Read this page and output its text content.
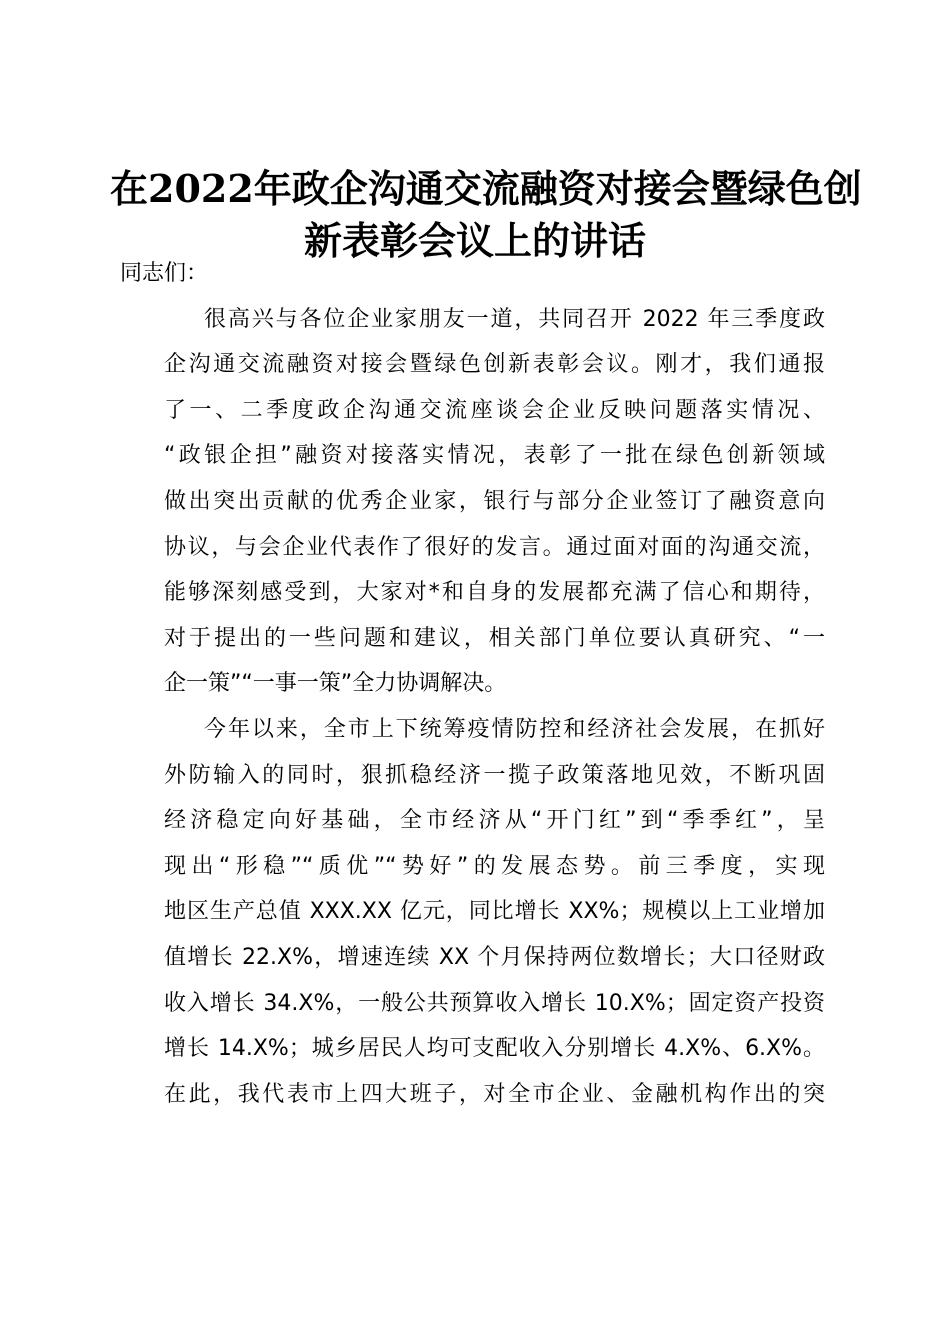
在2022年政企沟通交流融资对接会暨绿色创
新表彰会议上的讲话
同志们：
很高兴与各位企业家朋友一道，共同召开 2022 年三季度政
企沟通交流融资对接会暨绿色创新表彰会议。刚才，我们通报
了一、二季度政企沟通交流座谈会企业反映问题落实情况、
“政银企担”融资对接落实情况，表彰了一批在绿色创新领域
做出突出贡献的优秀企业家，银行与部分企业签订了融资意向
协议，与会企业代表作了很好的发言。通过面对面的沟通交流，
能够深刻感受到，大家对*和自身的发展都充满了信心和期待，
对于提出的一些问题和建议，相关部门单位要认真研究、“一
企一策”“一事一策”全力协调解决。
今年以来，全市上下统筹疫情防控和经济社会发展，在抓好
外防输入的同时，狠抓稳经济一揽子政策落地见效，不断巩固
经济稳定向好基础，全市经济从“开门红”到“季季红”，呈
现出“形稳”“质优”“势好”的发展态势。前三季度，实现
地区生产总值 XXX.XX 亿元，同比增长 XX%；规模以上工业增加
值增长 22.X%，增速连续 XX 个月保持两位数增长；大口径财政
收入增长 34.X%，一般公共预算收入增长 10.X%；固定资产投资
增长 14.X%；城乡居民人均可支配收入分别增长 4.X%、6.X%。
在此，我代表市上四大班子，对全市企业、金融机构作出的突
